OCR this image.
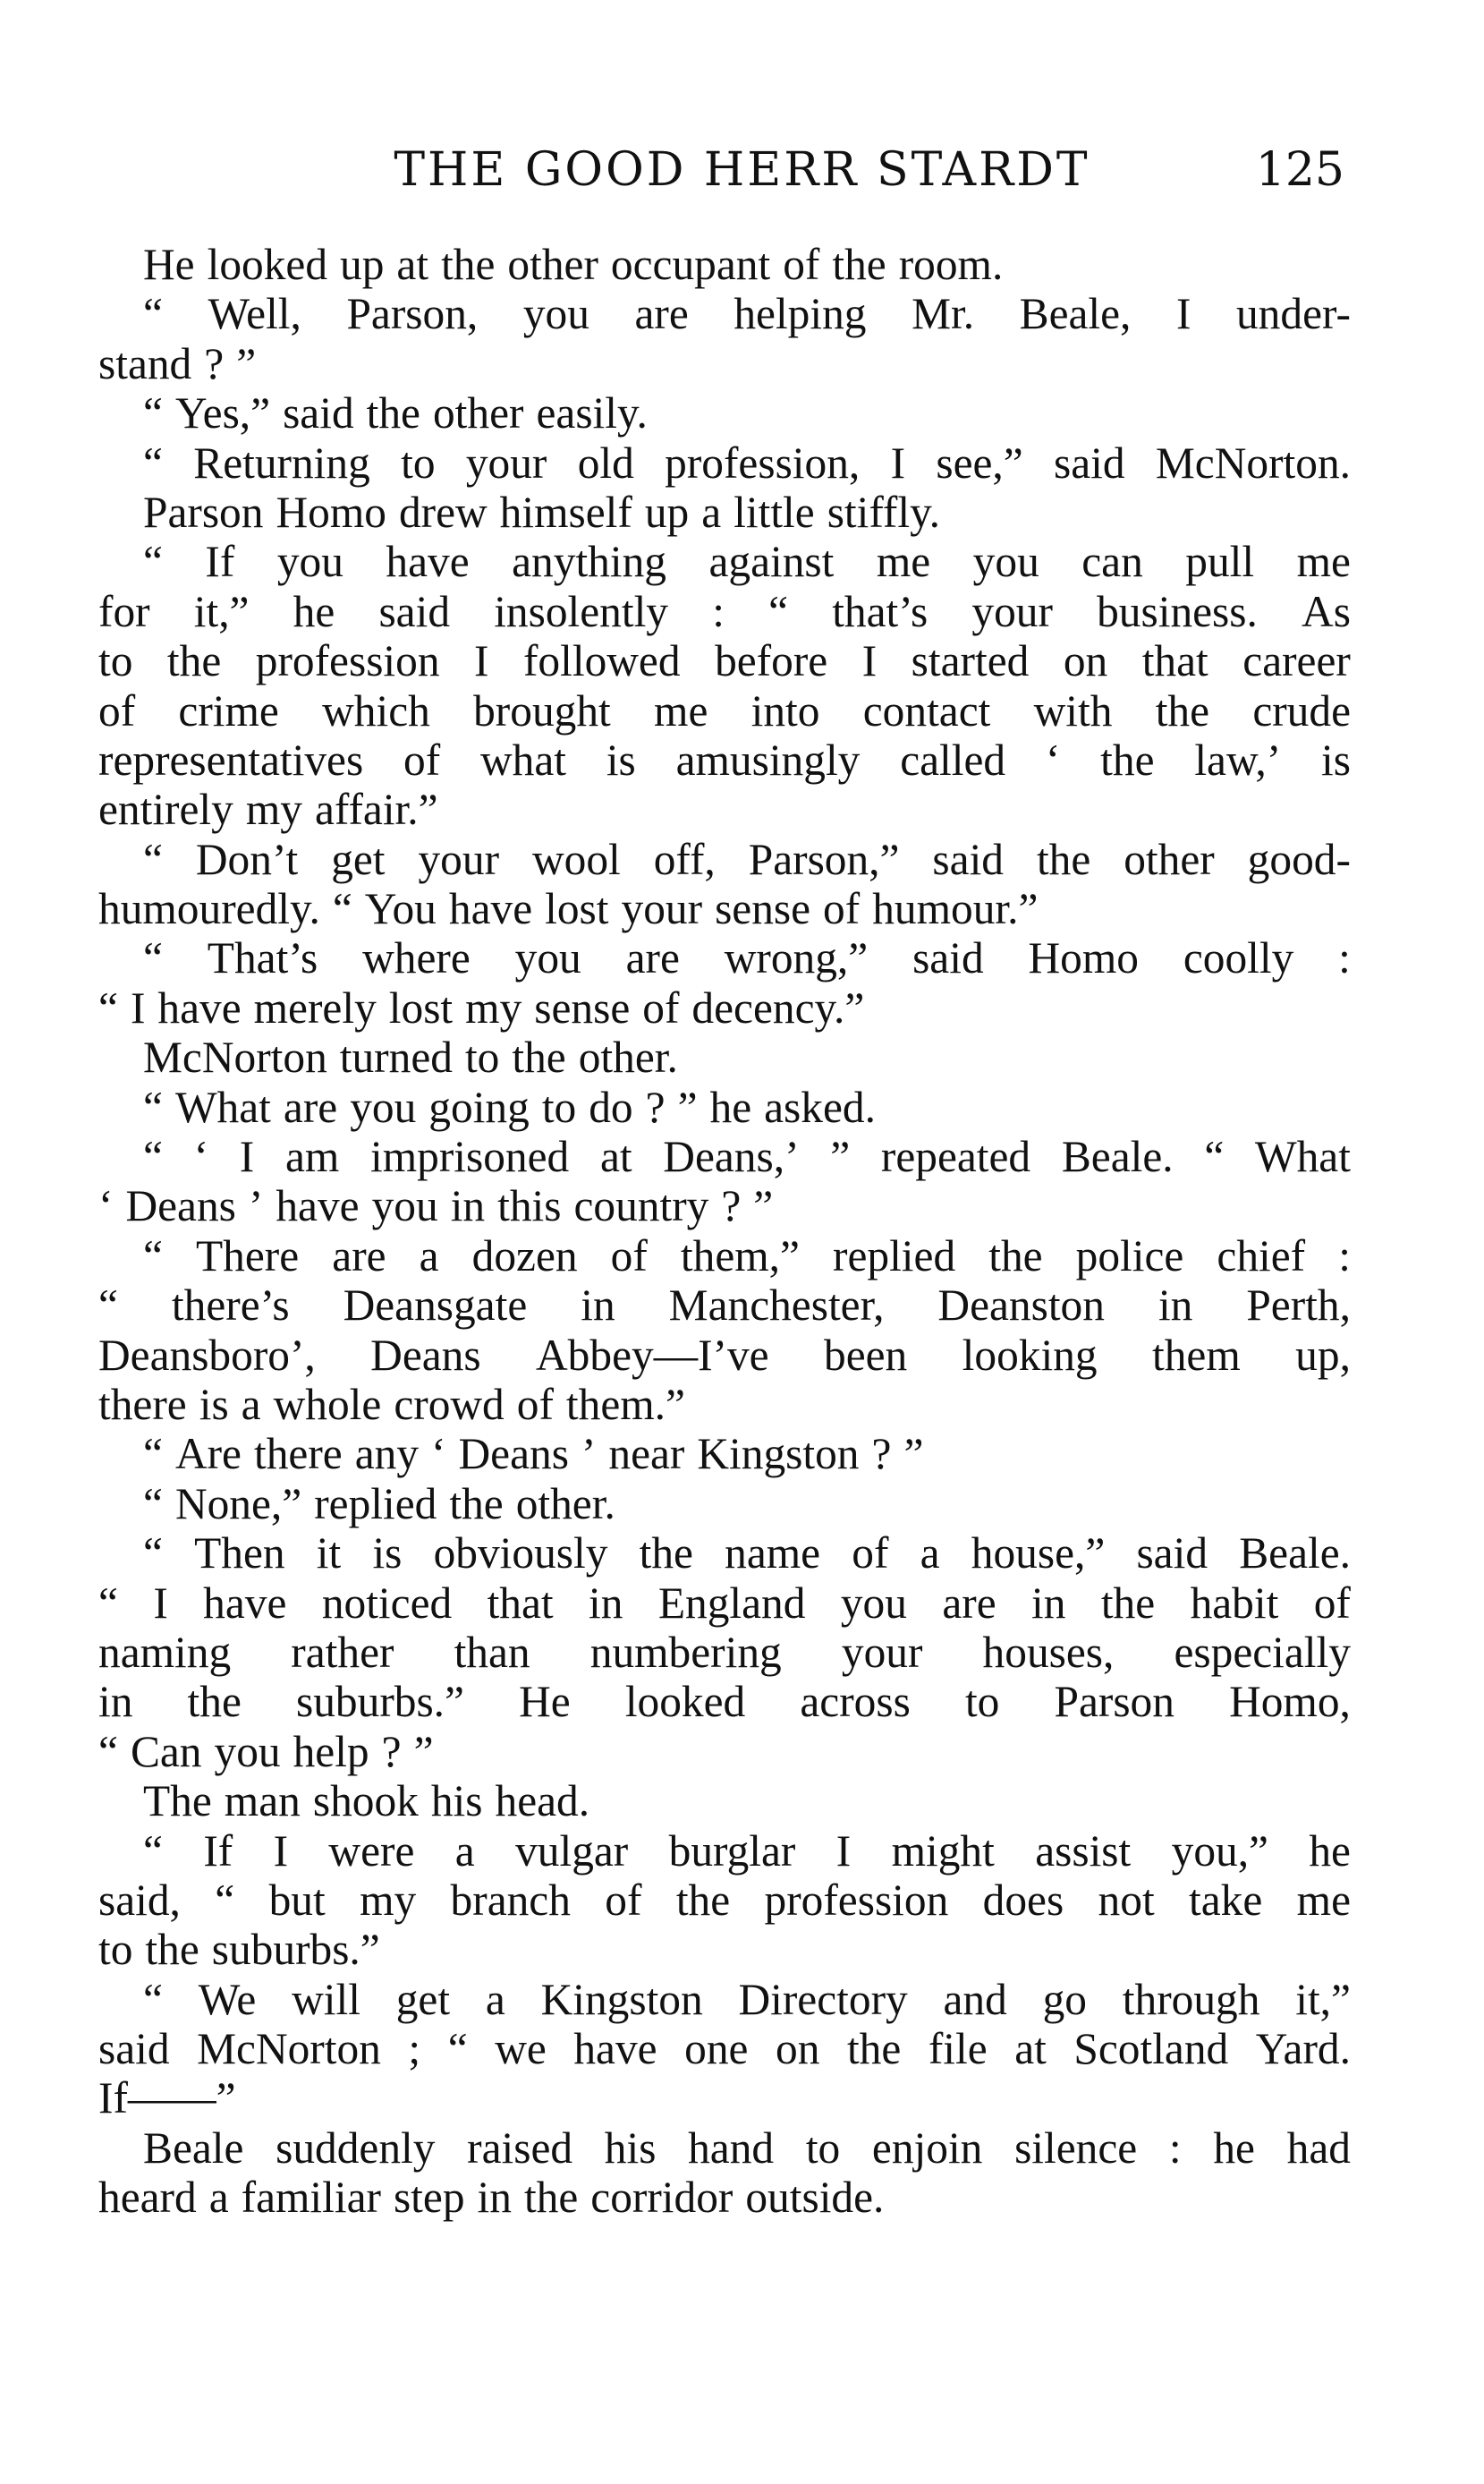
THE GOOD HERR STARDT	125
He looked up at the other occupant of the room.
“ Well, Parson, you are helping Mr. Beale, I under-
stand ? ”
“ Yes,” said the other easily.
“ Returning to your old profession, I see,” said McNorton.
Parson Homo drew himself up a little stiffly.
“ If you have anything against me you can pull me
for it,” he said insolently : “ that’s your business. As
to the profession I followed before I started on that career
of crime which brought me into contact with the crude
representatives of what is amusingly called ‘ the law,’ is
entirely my affair.”
“ Don’t get your wool off, Parson,” said the other good-
humouredly. “ You have lost your sense of humour.”
“ That’s where you are wrong,” said Homo coolly :
“ I have merely lost my sense of decency.”
McNorton turned to the other.
“ What are you going to do ? ” he asked.
“ ‘ I am imprisoned at Deans,’ ” repeated Beale. “ What
‘ Deans ’ have you in this country ? ”
“ There are a dozen of them,” replied the police chief :
“ there’s Deansgate in Manchester, Deanston in Perth,
Deansboro’, Deans Abbey—I’ve been looking them up,
there is a whole crowd of them.”
“ Are there any ‘ Deans ’ near Kingston ? ”
“ None,” replied the other.
“ Then it is obviously the name of a house,” said Beale.
“ I have noticed that in England you are in the habit of
naming rather than numbering your houses, especially
in the suburbs.” He looked across to Parson Homo,
“ Can you help ? ”
The man shook his head.
“ If I were a vulgar burglar I might assist you,” he
said, “ but my branch of the profession does not take me
to the suburbs.”
“ We will get a Kingston Directory and go through it,”
said McNorton ; “ we have one on the file at Scotland Yard.
If——”
Beale suddenly raised his hand to enjoin silence : he had
heard a familiar step in the corridor outside.
